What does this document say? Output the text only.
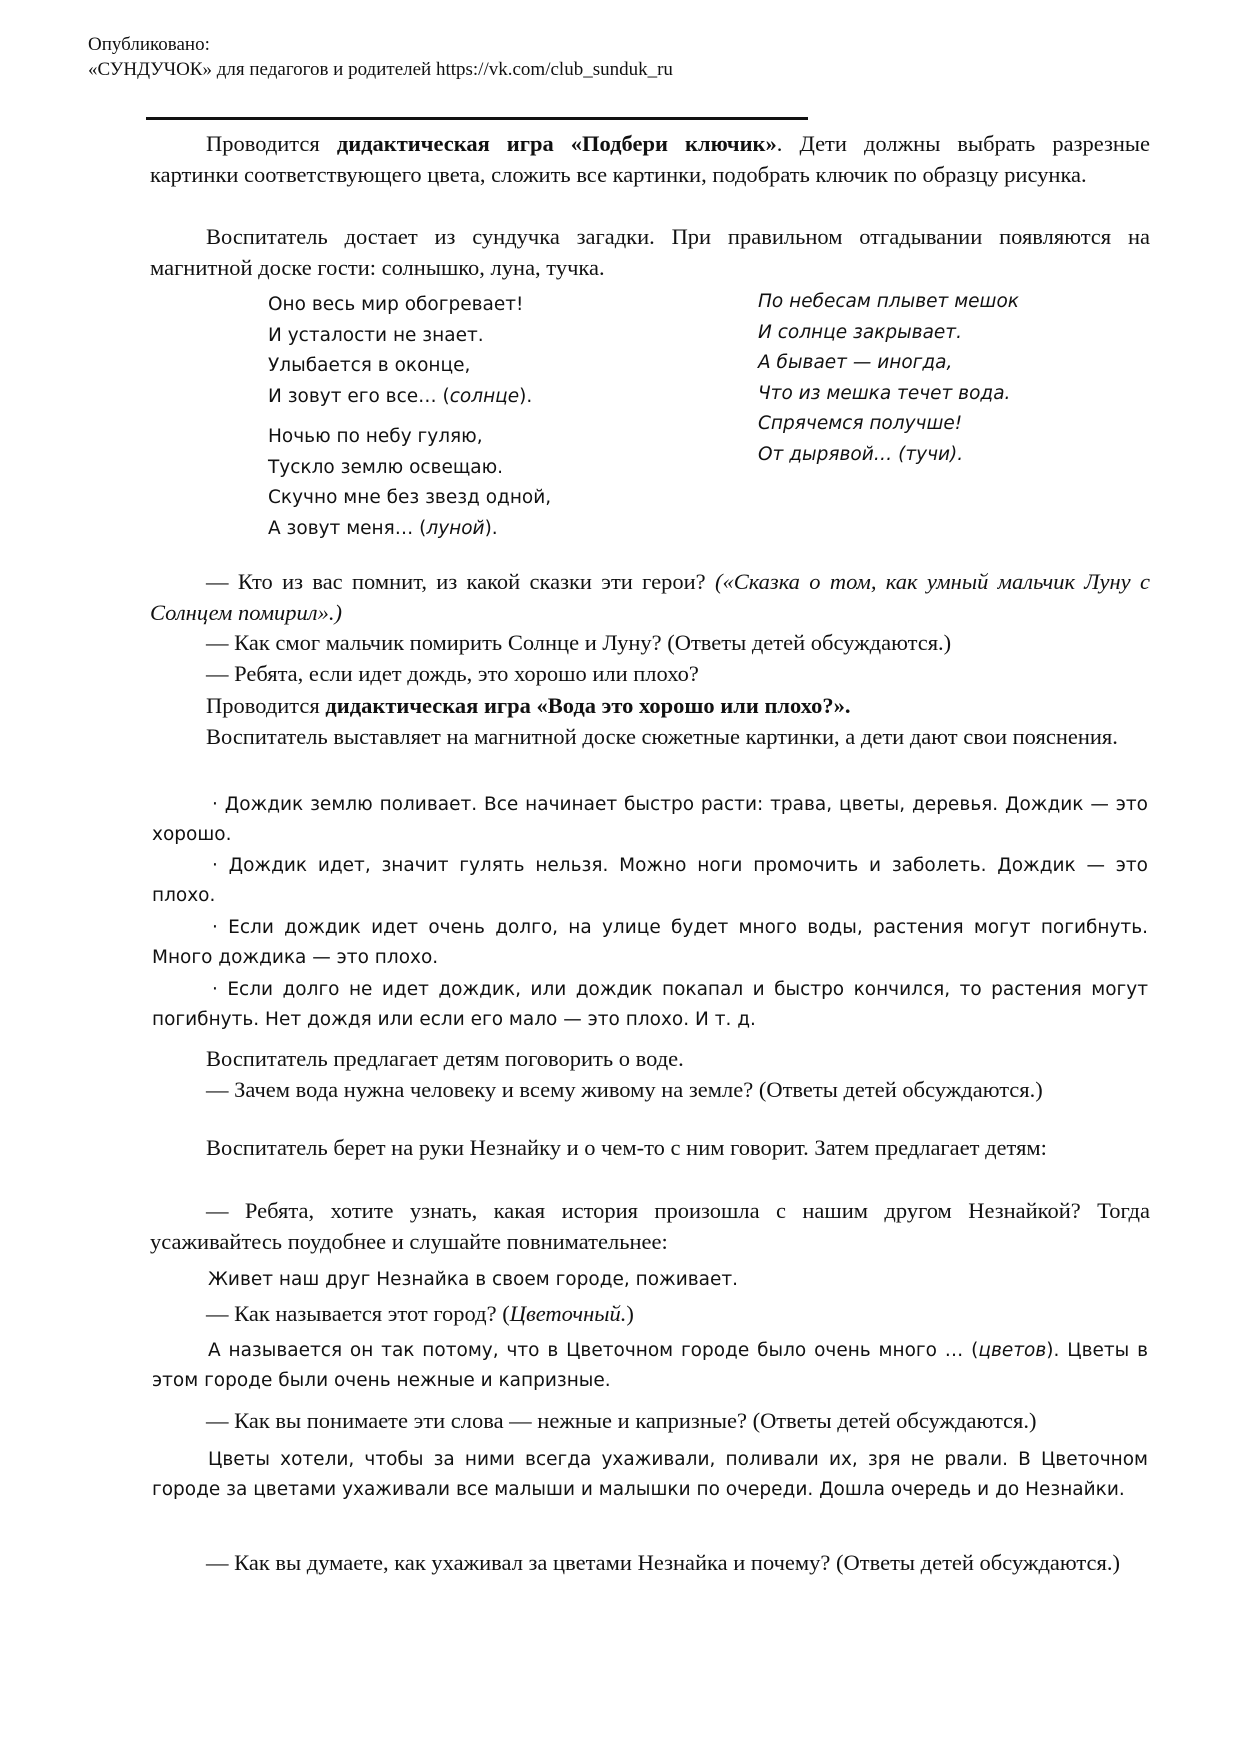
Опубликовано:
«СУНДУЧОК» для педагогов и родителей https://vk.com/club_sunduk_ru
Проводится дидактическая игра «Подбери ключик». Дети должны выбрать разрезные картинки соответствующего цвета, сложить все картинки, подобрать ключик по образцу рисунка.
Воспитатель достает из сундучка загадки. При правильном отгадывании появляются на магнитной доске гости: солнышко, луна, тучка.
Оно весь мир обогревает!
И усталости не знает.
Улыбается в оконце,
И зовут его все… (солнце).
Ночью по небу гуляю,
Тускло землю освещаю.
Скучно мне без звезд одной,
А зовут меня… (луной).
По небесам плывет мешок
И солнце закрывает.
А бывает — иногда,
Что из мешка течет вода.
Спрячемся получше!
От дырявой… (тучи).
— Кто из вас помнит, из какой сказки эти герои? («Сказка о том, как умный мальчик Луну с Солнцем помирил».)
— Как смог мальчик помирить Солнце и Луну? (Ответы детей обсуждаются.)
— Ребята, если идет дождь, это хорошо или плохо?
Проводится дидактическая игра «Вода это хорошо или плохо?».
Воспитатель выставляет на магнитной доске сюжетные картинки, а дети дают свои пояснения.
· Дождик землю поливает. Все начинает быстро расти: трава, цветы, деревья. Дождик — это хорошо.
· Дождик идет, значит гулять нельзя. Можно ноги промочить и заболеть. Дождик — это плохо.
· Если дождик идет очень долго, на улице будет много воды, растения могут погибнуть. Много дождика — это плохо.
· Если долго не идет дождик, или дождик покапал и быстро кончился, то растения могут погибнуть. Нет дождя или если его мало — это плохо. И т. д.
Воспитатель предлагает детям поговорить о воде.
— Зачем вода нужна человеку и всему живому на земле? (Ответы детей обсуждаются.)
Воспитатель берет на руки Незнайку и о чем-то с ним говорит. Затем предлагает детям:
— Ребята, хотите узнать, какая история произошла с нашим другом Незнайкой? Тогда усаживайтесь поудобнее и слушайте повнимательнее:
Живет наш друг Незнайка в своем городе, поживает.
— Как называется этот город? (Цветочный.)
А называется он так потому, что в Цветочном городе было очень много … (цветов). Цветы в этом городе были очень нежные и капризные.
— Как вы понимаете эти слова — нежные и капризные? (Ответы детей обсуждаются.)
Цветы хотели, чтобы за ними всегда ухаживали, поливали их, зря не рвали. В Цветочном городе за цветами ухаживали все малыши и малышки по очереди. Дошла очередь и до Незнайки.
— Как вы думаете, как ухаживал за цветами Незнайка и почему? (Ответы детей обсуждаются.)
